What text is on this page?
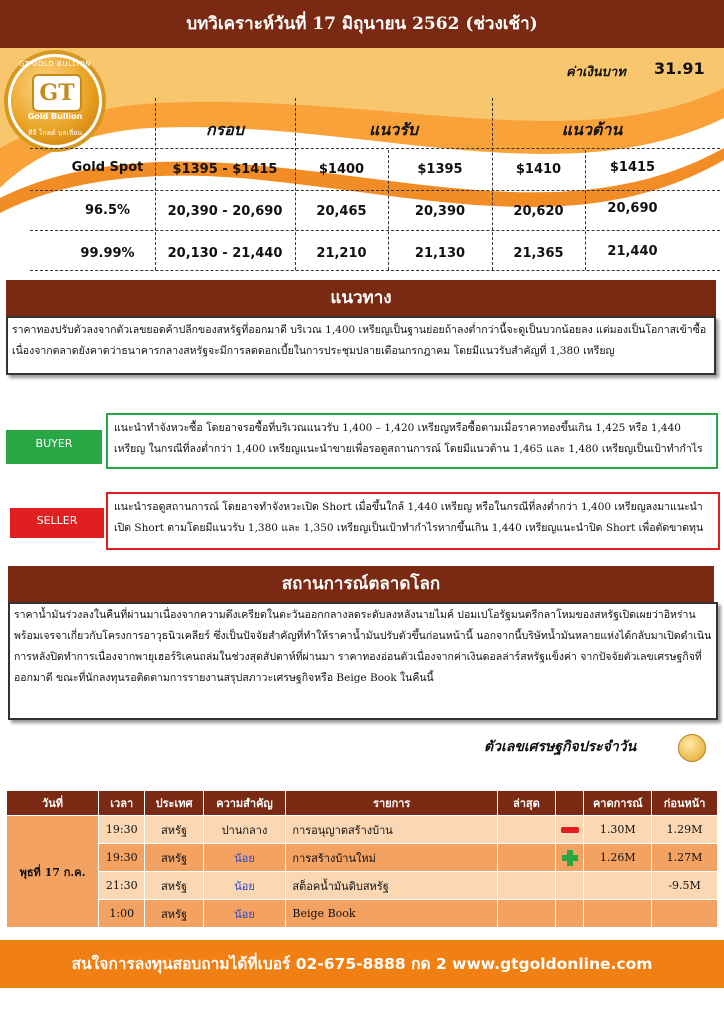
บทวิเคราะห์วันที่ 17 มิถุนายน 2562 (ช่วงเช้า)
GT GOLD BULLION
GT
Gold Bullion
ทีจี โกลด์ บุลเลี่ยน
ค่าเงินบาท 31.91
กรอบ	แนวรับ	แนวต้าน
Gold Spot	$1395 - $1415	$1400	$1395	$1410	$1415
96.5%	20,390 - 20,690	20,465	20,390	20,620	20,690
99.99%	20,130 - 21,440	21,210	21,130	21,365	21,440
แนวทาง
ราคาทองปรับตัวลงจากตัวเลขยอดค้าปลีกของสหรัฐที่ออกมาดี บริเวณ 1,400 เหรียญเป็นฐานย่อยถ้าลงต่ำกว่านี้จะดูเป็นบวกน้อยลง แต่มองเป็นโอกาสเข้าซื้อเนื่องจากตลาดยังคาดว่าธนาคารกลางสหรัฐจะมีการลดดอกเบี้ยในการประชุมปลายเดือนกรกฎาคม โดยมีแนวรับสำคัญที่ 1,380 เหรียญ
BUYER
แนะนำทำจังหวะซื้อ โดยอาจรอซื้อที่บริเวณแนวรับ 1,400 – 1,420 เหรียญหรือซื้อตามเมื่อราคาทองขึ้นเกิน 1,425 หรือ 1,440 เหรียญ ในกรณีที่ลงต่ำกว่า 1,400 เหรียญแนะนำขายเพื่อรอดูสถานการณ์ โดยมีแนวต้าน 1,465 และ 1,480 เหรียญเป็นเป้าทำกำไร
SELLER
แนะนำรอดูสถานการณ์ โดยอาจทำจังหวะเปิด Short เมื่อขึ้นใกล้ 1,440 เหรียญ หรือในกรณีที่ลงต่ำกว่า 1,400 เหรียญลงมาแนะนำเปิด Short ตามโดยมีแนวรับ 1,380 และ 1,350 เหรียญเป็นเป้าทำกำไรหากขึ้นเกิน 1,440 เหรียญแนะนำปิด Short เพื่อตัดขาดทุน
สถานการณ์ตลาดโลก
ราคาน้ำมันร่วงลงในคืนที่ผ่านมาเนื่องจากความตึงเครียดในตะวันออกกลางลดระดับลงหลังนายไมค์ ปอมเปโอรัฐมนตรีกลาโหมของสหรัฐเปิดเผยว่าอิหร่านพร้อมเจรจาเกี่ยวกับโครงการอาวุธนิวเคลียร์ ซึ่งเป็นปัจจัยสำคัญที่ทำให้ราคาน้ำมันปรับตัวขึ้นก่อนหน้านี้ นอกจากนี้บริษัทน้ำมันหลายแห่งได้กลับมาเปิดดำเนินการหลังปิดทำการเนื่องจากพายุเฮอร์ริเคนถล่มในช่วงสุดสัปดาห์ที่ผ่านมา ราคาทองอ่อนตัวเนื่องจากค่าเงินดอลล่าร์สหรัฐแข็งค่า จากปัจจัยตัวเลขเศรษฐกิจที่ออกมาดี ขณะที่นักลงทุนรอติดตามการรายงานสรุปสภาวะเศรษฐกิจหรือ Beige Book ในคืนนี้
ตัวเลขเศรษฐกิจประจำวัน
วันที่	เวลา	ประเทศ	ความสำคัญ	รายการ	ล่าสุด		คาดการณ์	ก่อนหน้า
พุธที่ 17 ก.ค.	19:30	สหรัฐ	ปานกลาง	การอนุญาตสร้างบ้าน			1.30M	1.29M
	19:30	สหรัฐ	น้อย	การสร้างบ้านใหม่			1.26M	1.27M
	21:30	สหรัฐ	น้อย	สต็อคน้ำมันดิบสหรัฐ				-9.5M
	1:00	สหรัฐ	น้อย	Beige Book				
สนใจการลงทุนสอบถามได้ที่เบอร์ 02-675-8888 กด 2 www.gtgoldonline.com
